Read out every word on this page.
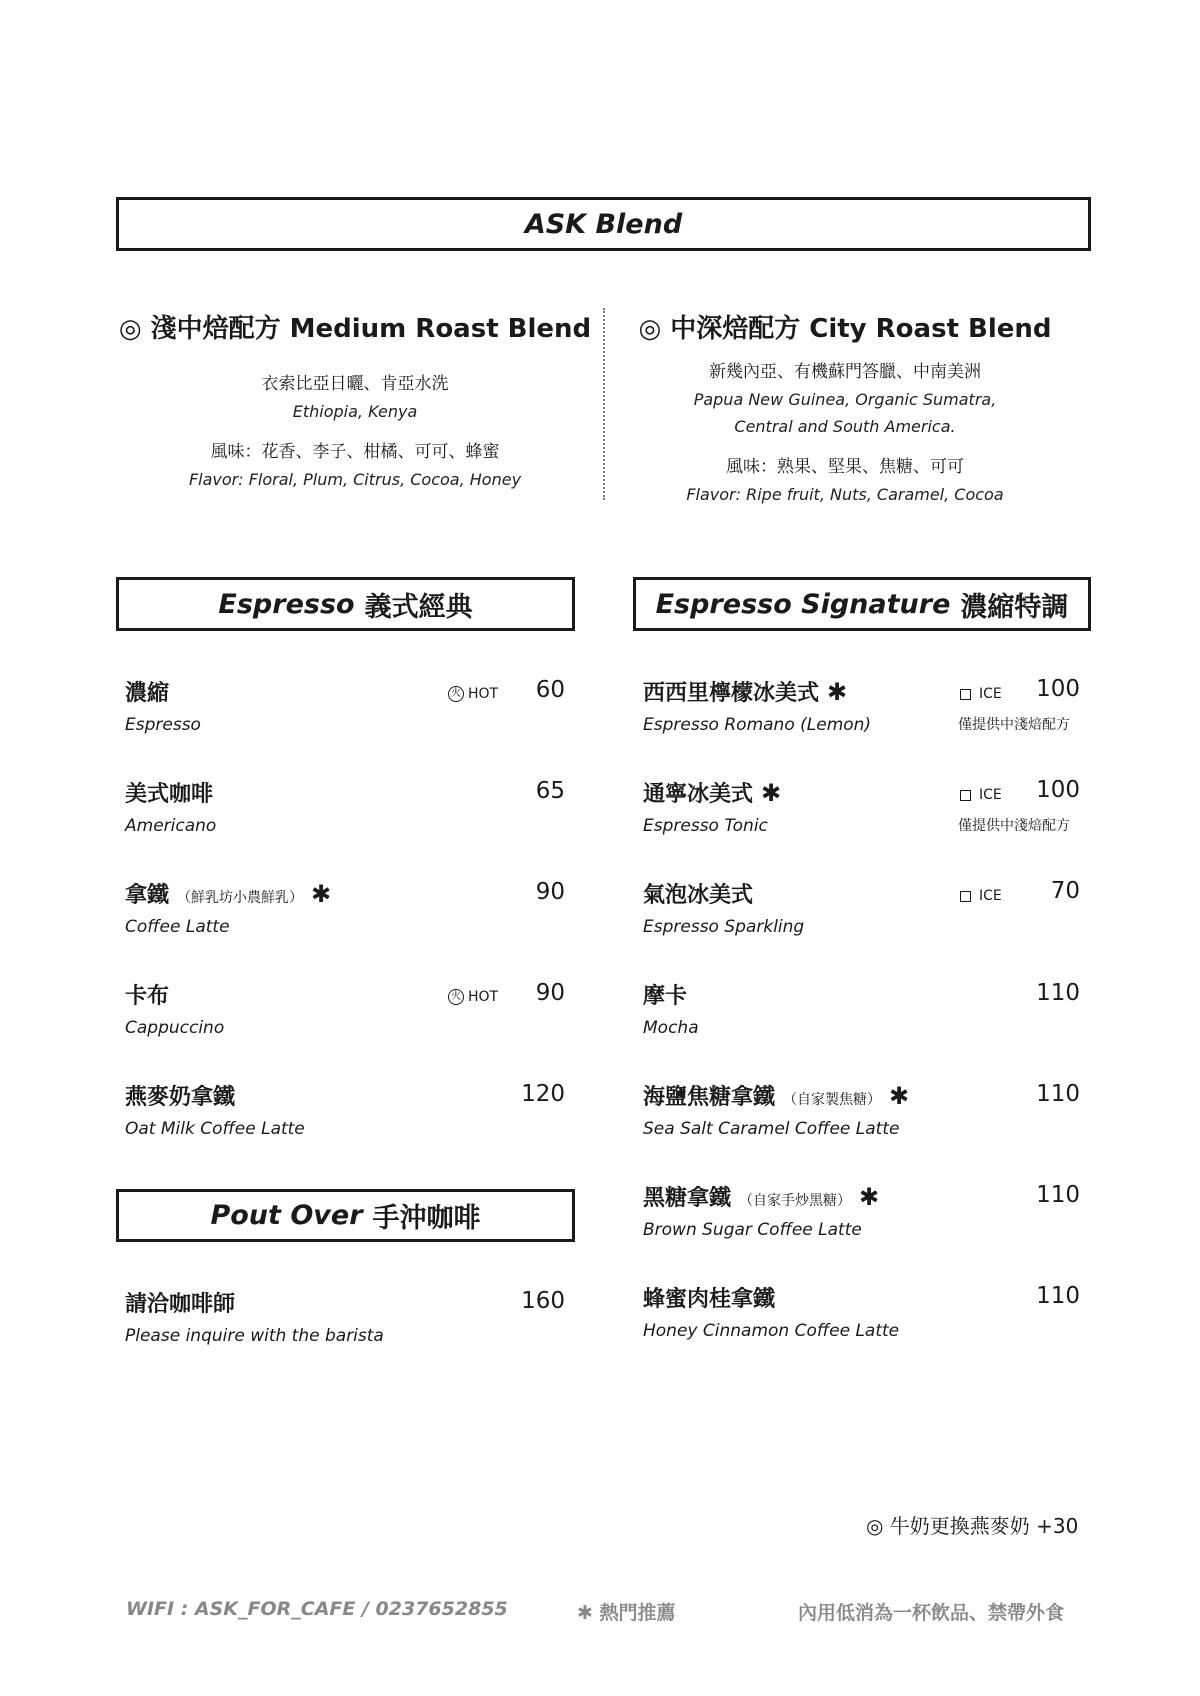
ASK Blend
◎ 淺中焙配方 Medium Roast Blend
衣索比亞日曬、肯亞水洗
Ethiopia, Kenya
風味：花香、李子、柑橘、可可、蜂蜜
Flavor: Floral, Plum, Citrus, Cocoa, Honey
◎ 中深焙配方 City Roast Blend
新幾內亞、有機蘇門答臘、中南美洲
Papua New Guinea, Organic Sumatra,
Central and South America.
風味：熟果、堅果、焦糖、可可
Flavor: Ripe fruit, Nuts, Caramel, Cocoa
Espresso 義式經典	Espresso Signature 濃縮特調
Pout Over 手沖咖啡
濃縮
Espresso
火 HOT	60
美式咖啡
Americano
65
拿鐵 （鮮乳坊小農鮮乳） ✱
Coffee Latte
90
卡布
Cappuccino
火 HOT	90
燕麥奶拿鐵
Oat Milk Coffee Latte
120
請洽咖啡師
Please inquire with the barista
160
西西里檸檬冰美式 ✱
Espresso Romano (Lemon)
ICE	100
僅提供中淺焙配方
通寧冰美式 ✱
Espresso Tonic
ICE	100
僅提供中淺焙配方
氣泡冰美式
Espresso Sparkling
ICE	70
摩卡
Mocha
110
海鹽焦糖拿鐵 （自家製焦糖） ✱
Sea Salt Caramel Coffee Latte
110
黑糖拿鐵 （自家手炒黑糖） ✱
Brown Sugar Coffee Latte
110
蜂蜜肉桂拿鐵
Honey Cinnamon Coffee Latte
110
◎ 牛奶更換燕麥奶 +30
WIFI : ASK_FOR_CAFE / 0237652855	✱ 熱門推薦	內用低消為一杯飲品、禁帶外食
